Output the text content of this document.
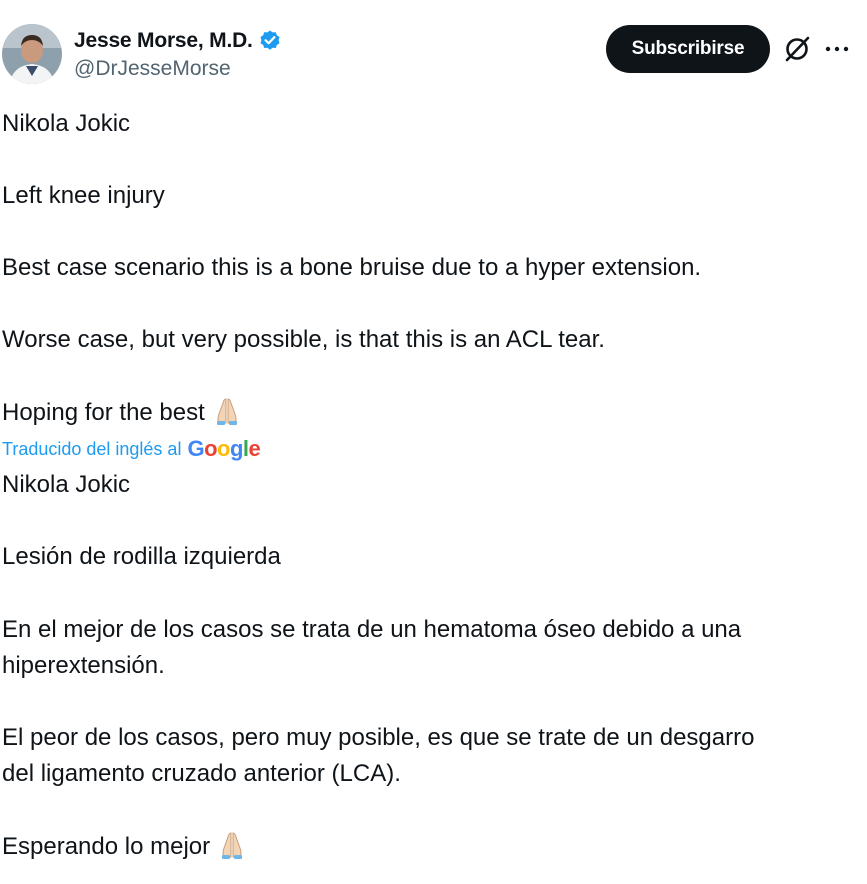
Jesse Morse, M.D.
@DrJesseMorse
Subscribirse
Nikola Jokic
Left knee injury
Best case scenario this is a bone bruise due to a hyper extension.
Worse case, but very possible, is that this is an ACL tear.
Hoping for the best
Traducido del inglés al Google
Nikola Jokic
Lesión de rodilla izquierda
En el mejor de los casos se trata de un hematoma óseo debido a una
hiperextensión.
El peor de los casos, pero muy posible, es que se trate de un desgarro
del ligamento cruzado anterior (LCA).
Esperando lo mejor
